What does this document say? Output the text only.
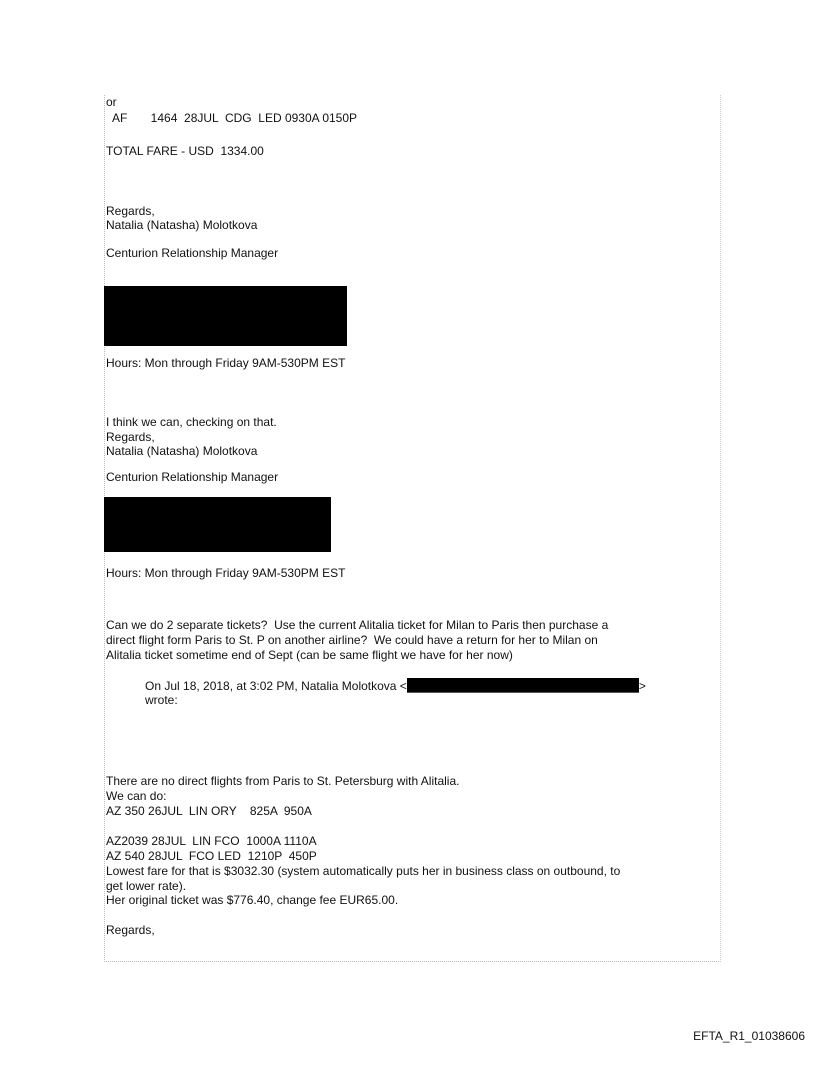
or
AF       1464  28JUL  CDG  LED 0930A 0150P
TOTAL FARE - USD  1334.00
Regards,
Natalia (Natasha) Molotkova
Centurion Relationship Manager
Hours: Mon through Friday 9AM-530PM EST
I think we can, checking on that.
Regards,
Natalia (Natasha) Molotkova
Centurion Relationship Manager
Hours: Mon through Friday 9AM-530PM EST
Can we do 2 separate tickets?  Use the current Alitalia ticket for Milan to Paris then purchase a
direct flight form Paris to St. P on another airline?  We could have a return for her to Milan on
Alitalia ticket sometime end of Sept (can be same flight we have for her now)
On Jul 18, 2018, at 3:02 PM, Natalia Molotkova <	>
wrote:
There are no direct flights from Paris to St. Petersburg with Alitalia.
We can do:
AZ 350 26JUL  LIN ORY    825A  950A
AZ2039 28JUL  LIN FCO  1000A 1110A
AZ 540 28JUL  FCO LED  1210P  450P
Lowest fare for that is $3032.30 (system automatically puts her in business class on outbound, to
get lower rate).
Her original ticket was $776.40, change fee EUR65.00.
Regards,
EFTA_R1_01038606
